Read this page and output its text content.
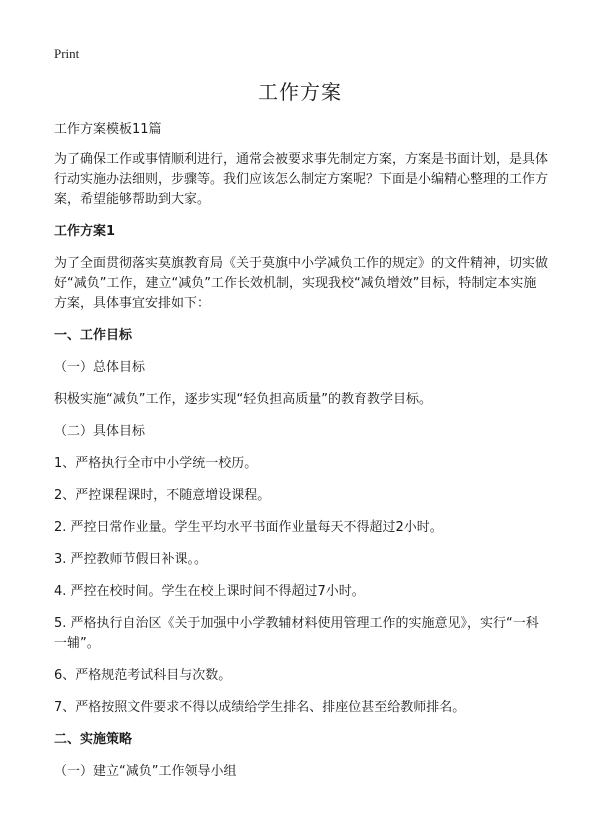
Print
工作方案

工作方案模板11篇

为了确保工作或事情顺利进行，通常会被要求事先制定方案，方案是书面计划，是具体行动实施办法细则，步骤等。我们应该怎么制定方案呢？下面是小编精心整理的工作方案，希望能够帮助到大家。

工作方案1

为了全面贯彻落实莫旗教育局《关于莫旗中小学减负工作的规定》的文件精神，切实做好“减负”工作，建立“减负”工作长效机制，实现我校“减负增效”目标，特制定本实施方案，具体事宜安排如下：

一、工作目标

（一）总体目标

积极实施“减负”工作，逐步实现“轻负担高质量”的教育教学目标。

（二）具体目标

1、严格执行全市中小学统一校历。

2、严控课程课时，不随意增设课程。

2. 严控日常作业量。学生平均水平书面作业量每天不得超过2小时。

3. 严控教师节假日补课。。

4. 严控在校时间。学生在校上课时间不得超过7小时。

5. 严格执行自治区《关于加强中小学教辅材料使用管理工作的实施意见》，实行“一科一辅”。

6、严格规范考试科目与次数。

7、严格按照文件要求不得以成绩给学生排名、排座位甚至给教师排名。

二、实施策略

（一）建立“减负”工作领导小组
